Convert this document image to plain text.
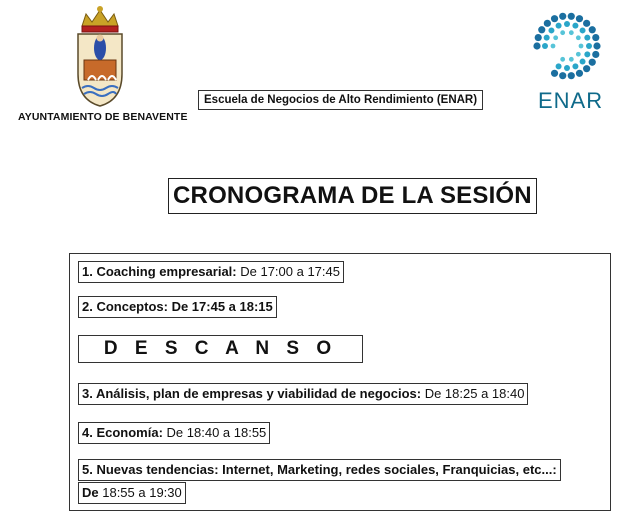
AYUNTAMIENTO DE BENAVENTE
Escuela de Negocios de Alto Rendimiento (ENAR)	ENAR
CRONOGRAMA DE LA SESIÓN
1. Coaching empresarial: De 17:00 a 17:45
2. Conceptos: De 17:45 a 18:15
D E S C A N S O
3. Análisis, plan de empresas y viabilidad de negocios: De 18:25 a 18:40
4. Economía: De 18:40 a 18:55
5. Nuevas tendencias: Internet, Marketing, redes sociales, Franquicias, etc...:
De 18:55 a 19:30
